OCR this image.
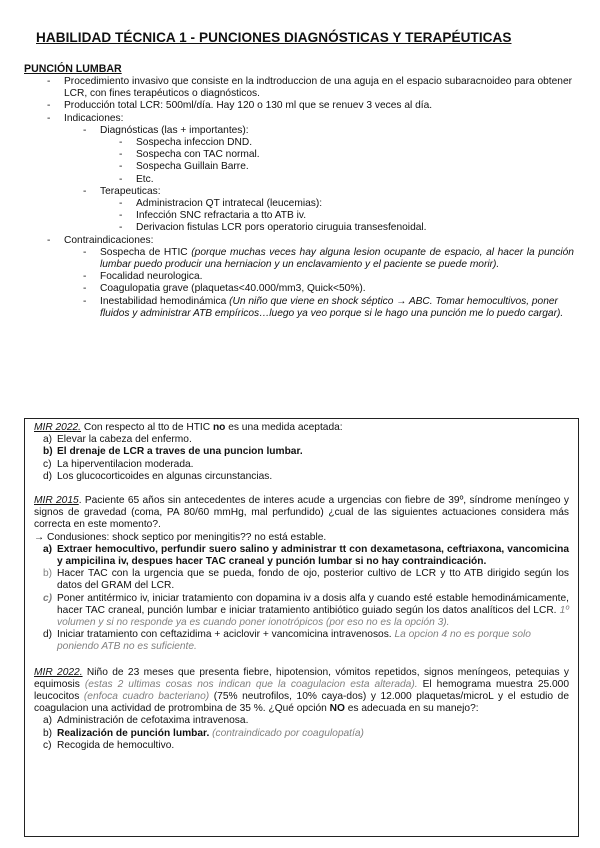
HABILIDAD TÉCNICA 1 - PUNCIONES DIAGNÓSTICAS Y TERAPÉUTICAS
PUNCIÓN LUMBAR
- Procedimiento invasivo que consiste en la indtroduccion de una aguja en el espacio subaracnoideo para obtener LCR, con fines terapéuticos o diagnósticos.
- Producción total LCR: 500ml/día. Hay 120 o 130 ml que se renuev 3 veces al día.
- Indicaciones:
- Diagnósticas (las + importantes):
- Sospecha infeccion DND.
- Sospecha con TAC normal.
- Sospecha Guillain Barre.
- Etc.
- Terapeuticas:
- Administracion QT intratecal (leucemias):
- Infección SNC refractaria a tto ATB iv.
- Derivacion fistulas LCR pors operatorio ciruguia transesfenoidal.
- Contraindicaciones:
- Sospecha de HTIC (porque muchas veces hay alguna lesion ocupante de espacio, al hacer la punción lumbar puedo producir una herniacion y un enclavamiento y el paciente se puede morir).
- Focalidad neurologica.
- Coagulopatia grave (plaquetas<40.000/mm3, Quick<50%).
- Inestabilidad hemodinámica (Un niño que viene en shock séptico → ABC. Tomar hemocultivos, poner fluidos y administrar ATB empíricos…luego ya veo porque si le hago una punción me lo puedo cargar).
MIR 2022. Con respecto al tto de HTIC no es una medida aceptada:
a) Elevar la cabeza del enfermo.
b) El drenaje de LCR a traves de una puncion lumbar.
c) La hiperventilacion moderada.
d) Los glucocorticoides en algunas circunstancias.
MIR 2015. Paciente 65 años sin antecedentes de interes acude a urgencias con fiebre de 39º, síndrome meníngeo y signos de gravedad (coma, PA 80/60 mmHg, mal perfundido) ¿cual de las siguientes actuaciones considera más correcta en este momento?.
→ Condusiones: shock septico por meningitis?? no está estable.
a) Extraer hemocultivo, perfundir suero salino y administrar tt con dexametasona, ceftriaxona, vancomicina y ampicilina iv, despues hacer TAC craneal y punción lumbar si no hay contraindicación.
b) Hacer TAC con la urgencia que se pueda, fondo de ojo, posterior cultivo de LCR y tto ATB dirigido según los datos del GRAM del LCR.
c) Poner antitérmico iv, iniciar tratamiento con dopamina iv a dosis alfa y cuando esté estable hemodinámicamente, hacer TAC craneal, punción lumbar e iniciar tratamiento antibiótico guiado según los datos analíticos del LCR. 1º volumen y si no responde ya es cuando poner ionotrópicos (por eso no es la opción 3).
d) Iniciar tratamiento con ceftazidima + aciclovir + vancomicina intravenosos. La opcion 4 no es porque solo poniendo ATB no es suficiente.
MIR 2022. Niño de 23 meses que presenta fiebre, hipotension, vómitos repetidos, signos meníngeos, petequias y equimosis (estas 2 ultimas cosas nos indican que la coagulacion esta alterada). El hemograma muestra 25.000 leucocitos (enfoca cuadro bacteriano) (75% neutrofilos, 10% caya-dos) y 12.000 plaquetas/microL y el estudio de coagulacion una actividad de protrombina de 35 %. ¿Qué opción NO es adecuada en su manejo?:
a) Administración de cefotaxima intravenosa.
b) Realización de punción lumbar. (contraindicado por coagulopatía)
c) Recogida de hemocultivo.
